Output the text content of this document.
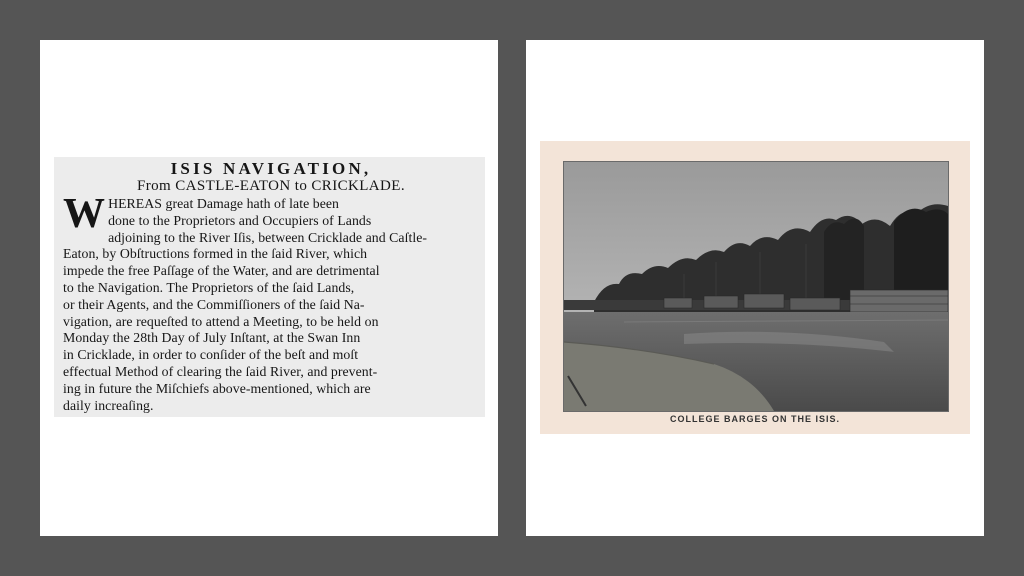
ISIS NAVIGATION,

From CASTLE-EATON to CRICKLADE.

W HEREAS great Damage hath of late been
done to the Proprietors and Occupiers of Lands
adjoining to the River Iſis, between Cricklade and Caſtle-
Eaton, by Obſtructions formed in the ſaid River, which
impede the free Paſſage of the Water, and are detrimental
to the Navigation. The Proprietors of the ſaid Lands,
or their Agents, and the Commiſſioners of the ſaid Na-
vigation, are requeſted to attend a Meeting, to be held on
Monday the 28th Day of July Inſtant, at the Swan Inn
in Cricklade, in order to conſider of the beſt and moſt
effectual Method of clearing the ſaid River, and prevent-
ing in future the Miſchiefs above-mentioned, which are
daily increaſing.

COLLEGE BARGES ON THE ISIS.
